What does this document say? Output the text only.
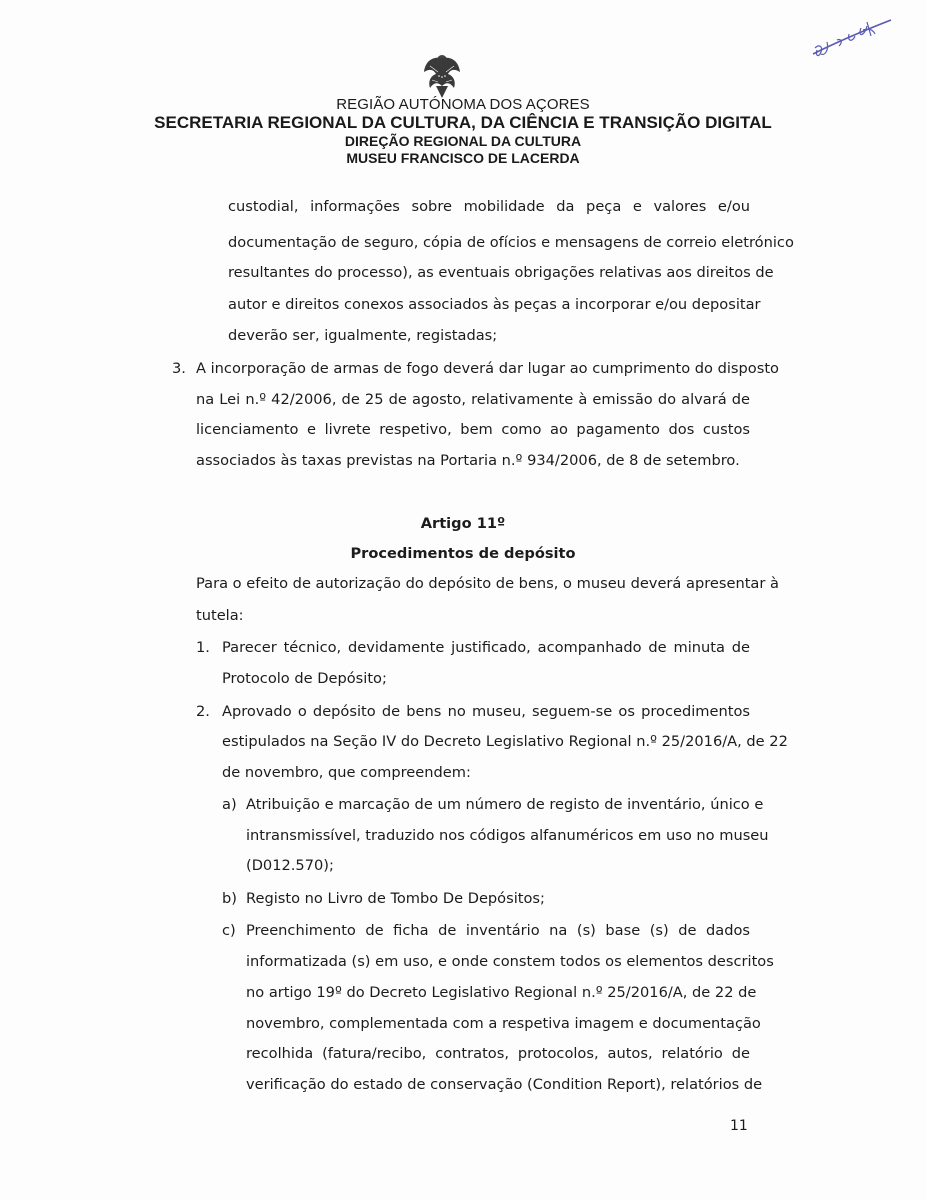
REGIÃO AUTÓNOMA DOS AÇORES
SECRETARIA REGIONAL DA CULTURA, DA CIÊNCIA E TRANSIÇÃO DIGITAL
DIREÇÃO REGIONAL DA CULTURA
MUSEU FRANCISCO DE LACERDA
custodial, informações sobre mobilidade da peça e valores e/ou
documentação de seguro, cópia de ofícios e mensagens de correio eletrónico
resultantes do processo), as eventuais obrigações relativas aos direitos de
autor e direitos conexos associados às peças a incorporar e/ou depositar
deverão ser, igualmente, registadas;
3. A incorporação de armas de fogo deverá dar lugar ao cumprimento do disposto
na Lei n.º 42/2006, de 25 de agosto, relativamente à emissão do alvará de
licenciamento e livrete respetivo, bem como ao pagamento dos custos
associados às taxas previstas na Portaria n.º 934/2006, de 8 de setembro.
Artigo 11º
Procedimentos de depósito
Para o efeito de autorização do depósito de bens, o museu deverá apresentar à
tutela:
1. Parecer técnico, devidamente justificado, acompanhado de minuta de
Protocolo de Depósito;
2. Aprovado o depósito de bens no museu, seguem-se os procedimentos
estipulados na Seção IV do Decreto Legislativo Regional n.º 25/2016/A, de 22
de novembro, que compreendem:
a) Atribuição e marcação de um número de registo de inventário, único e
intransmissível, traduzido nos códigos alfanuméricos em uso no museu
(D012.570);
b) Registo no Livro de Tombo De Depósitos;
c) Preenchimento de ficha de inventário na (s) base (s) de dados
informatizada (s) em uso, e onde constem todos os elementos descritos
no artigo 19º do Decreto Legislativo Regional n.º 25/2016/A, de 22 de
novembro, complementada com a respetiva imagem e documentação
recolhida (fatura/recibo, contratos, protocolos, autos, relatório de
verificação do estado de conservação (Condition Report), relatórios de
11
